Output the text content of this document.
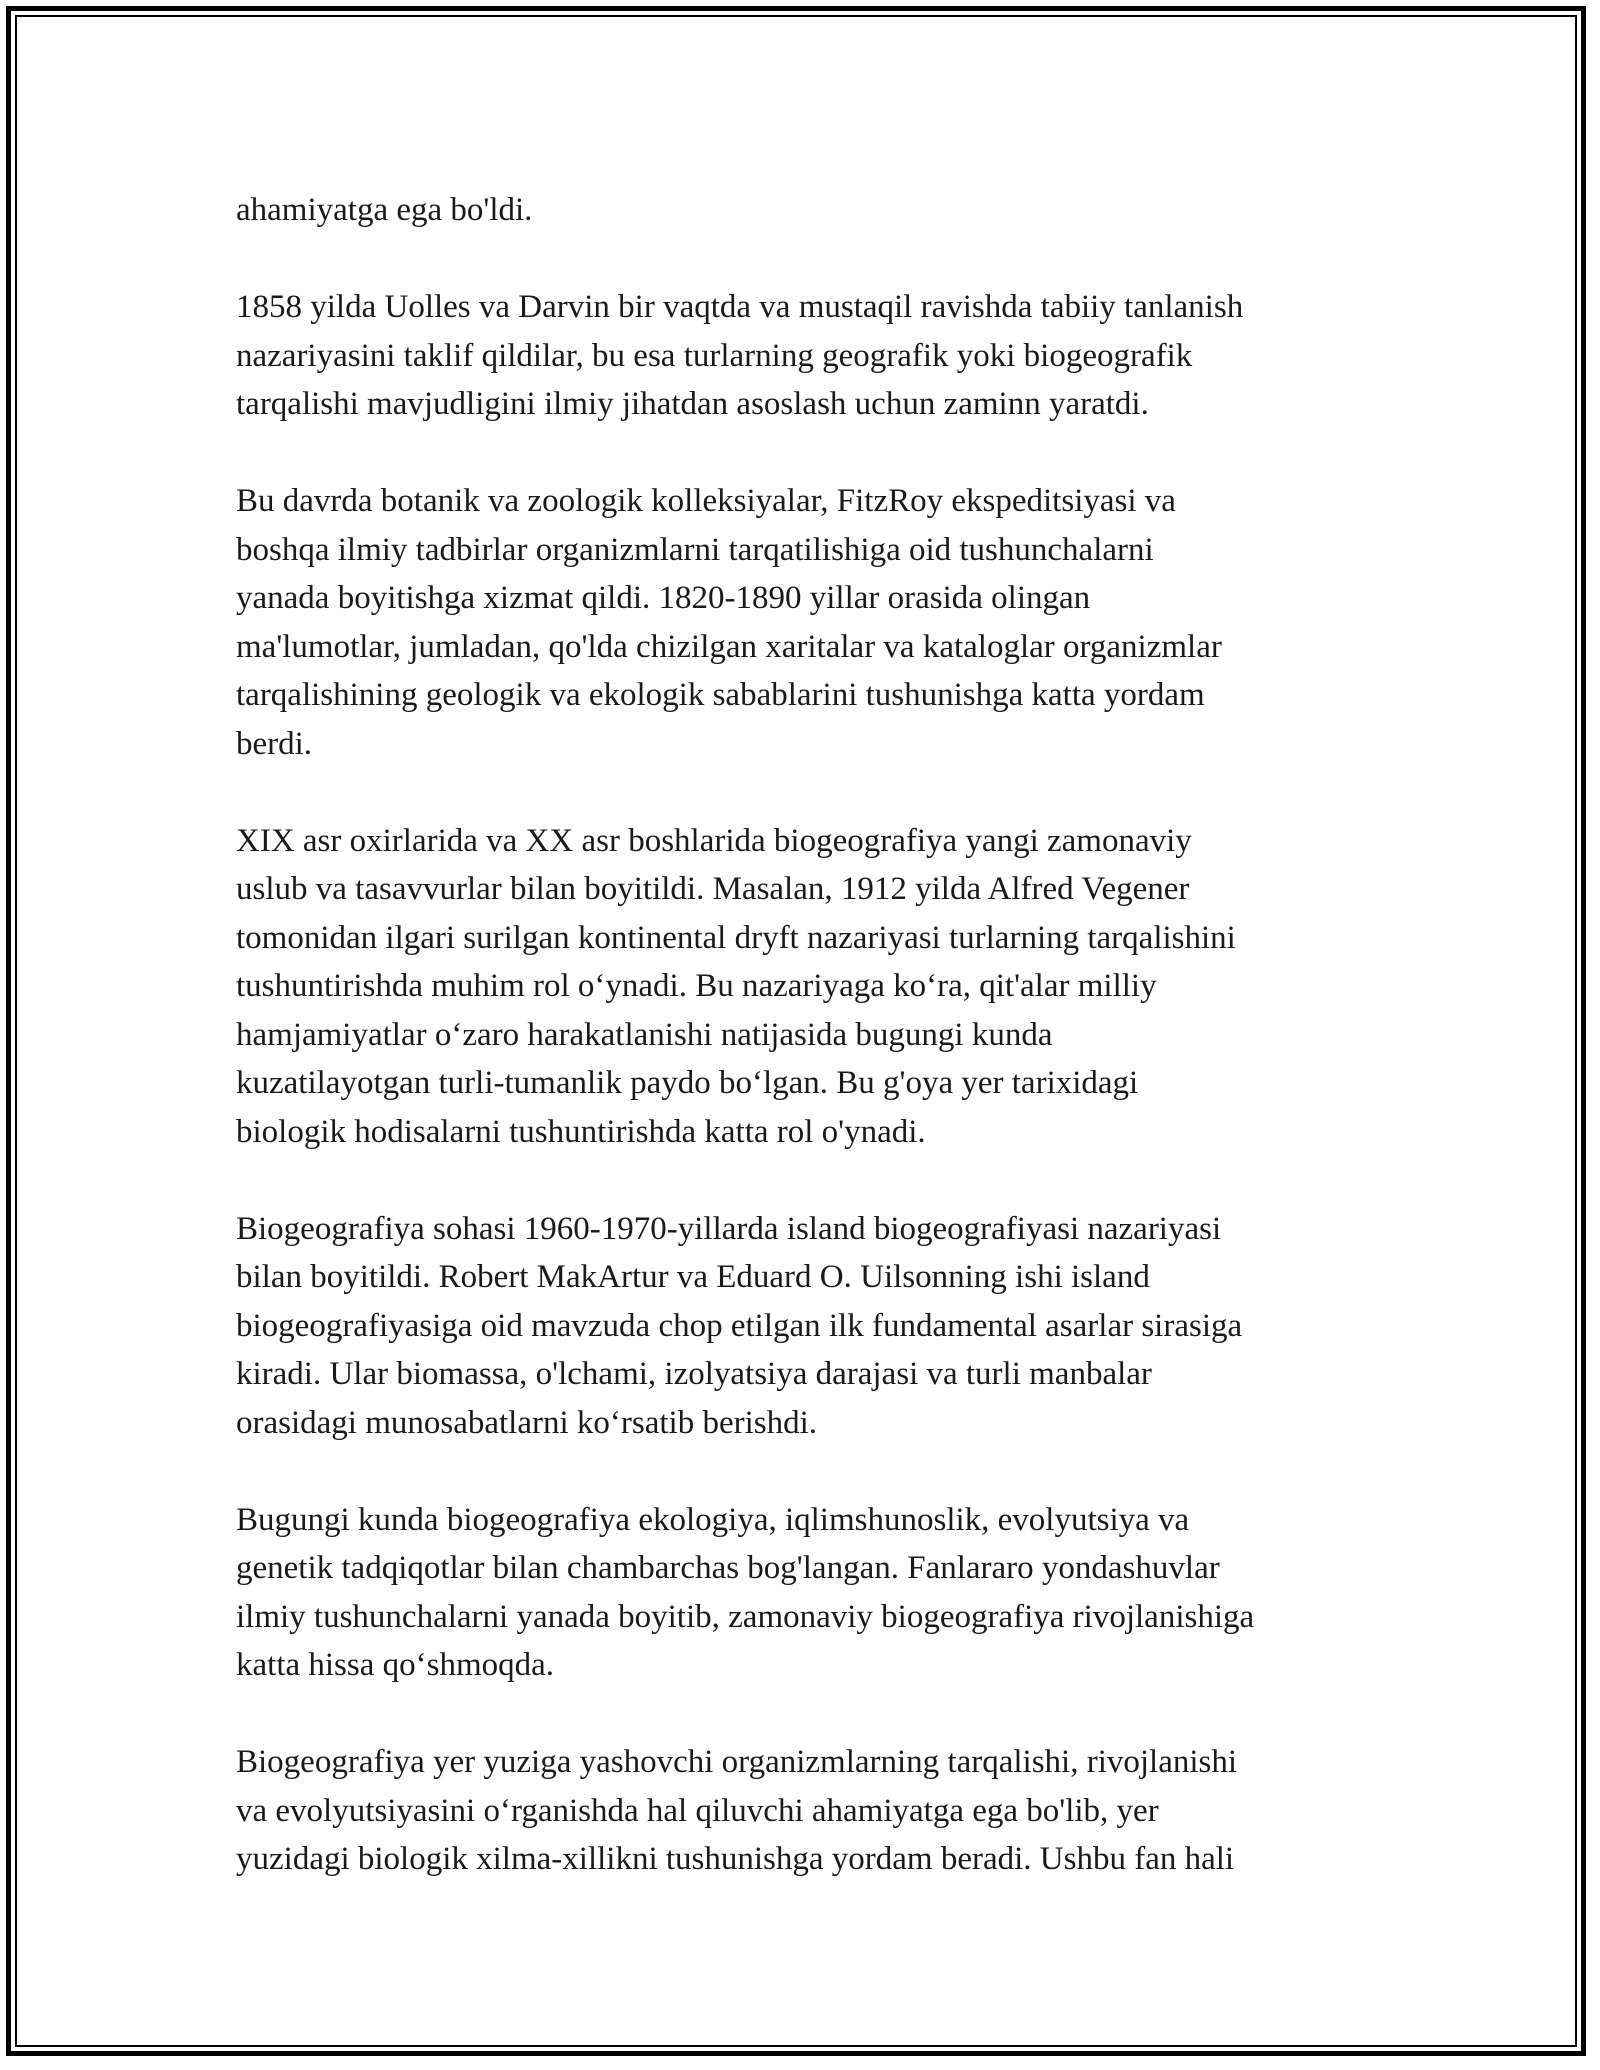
ahamiyatga ega bo'ldi.

1858 yilda Uolles va Darvin bir vaqtda va mustaqil ravishda tabiiy tanlanish
nazariyasini taklif qildilar, bu esa turlarning geografik yoki biogeografik
tarqalishi mavjudligini ilmiy jihatdan asoslash uchun zaminn yaratdi.

Bu davrda botanik va zoologik kolleksiyalar, FitzRoy ekspeditsiyasi va
boshqa ilmiy tadbirlar organizmlarni tarqatilishiga oid tushunchalarni
yanada boyitishga xizmat qildi. 1820-1890 yillar orasida olingan
ma'lumotlar, jumladan, qo'lda chizilgan xaritalar va kataloglar organizmlar
tarqalishining geologik va ekologik sabablarini tushunishga katta yordam
berdi.

XIX asr oxirlarida va XX asr boshlarida biogeografiya yangi zamonaviy
uslub va tasavvurlar bilan boyitildi. Masalan, 1912 yilda Alfred Vegener
tomonidan ilgari surilgan kontinental dryft nazariyasi turlarning tarqalishini
tushuntirishda muhim rol o‘ynadi. Bu nazariyaga ko‘ra, qit'alar milliy
hamjamiyatlar o‘zaro harakatlanishi natijasida bugungi kunda
kuzatilayotgan turli-tumanlik paydo bo‘lgan. Bu g'oya yer tarixidagi
biologik hodisalarni tushuntirishda katta rol o'ynadi.

Biogeografiya sohasi 1960-1970-yillarda island biogeografiyasi nazariyasi
bilan boyitildi. Robert MakArtur va Eduard O. Uilsonning ishi island
biogeografiyasiga oid mavzuda chop etilgan ilk fundamental asarlar sirasiga
kiradi. Ular biomassa, o'lchami, izolyatsiya darajasi va turli manbalar
orasidagi munosabatlarni ko‘rsatib berishdi.

Bugungi kunda biogeografiya ekologiya, iqlimshunoslik, evolyutsiya va
genetik tadqiqotlar bilan chambarchas bog'langan. Fanlararo yondashuvlar
ilmiy tushunchalarni yanada boyitib, zamonaviy biogeografiya rivojlanishiga
katta hissa qo‘shmoqda.

Biogeografiya yer yuziga yashovchi organizmlarning tarqalishi, rivojlanishi
va evolyutsiyasini o‘rganishda hal qiluvchi ahamiyatga ega bo'lib, yer
yuzidagi biologik xilma-xillikni tushunishga yordam beradi. Ushbu fan hali
